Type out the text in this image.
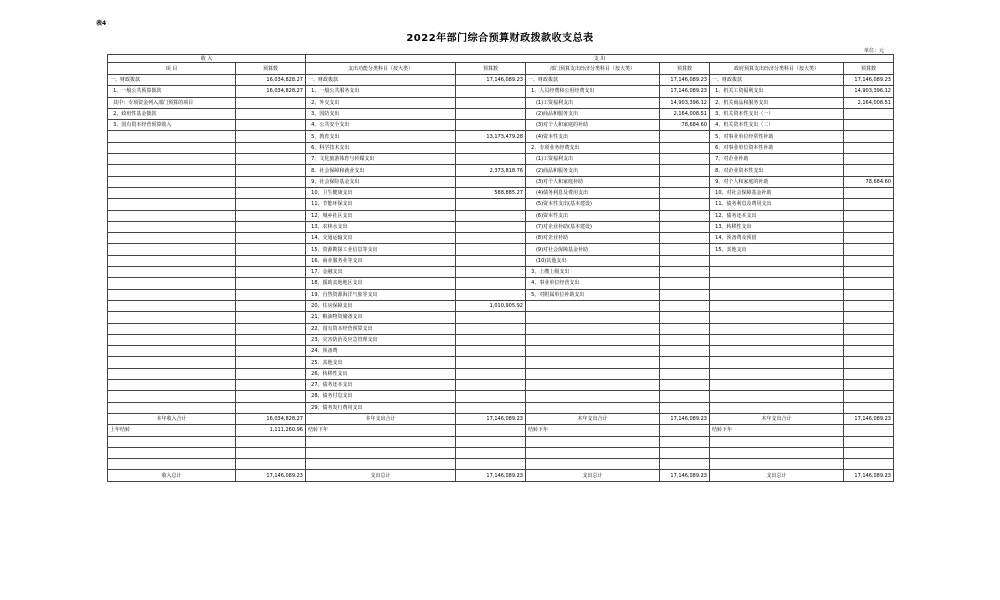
表4
2022年部门综合预算财政拨款收支总表
单位：元
收 入		支 出					
项 目	预算数	支出功能分类科目（按大类）	预算数	部门预算支出经济分类科目（按大类）	预算数	政府预算支出经济分类科目（按大类）	预算数
一、财政拨款	16,034,828.27	一、财政拨款	17,146,089.23	一、财政拨款	17,146,089.23	一、财政拨款	17,146,089.23
1、一般公共预算拨款	16,034,828.27	1、一般公共服务支出		1、人员经费和公用经费支出	17,146,089.23	1、机关工资福利支出	14,903,396.12
其中：专项资金列入部门预算的项目		2、外交支出		(1)工资福利支出	14,903,396.12	2、机关商品和服务支出	2,164,008.51
2、政府性基金拨款		3、国防支出		(2)商品和服务支出	2,164,008.51	3、机关资本性支出（一）	
3、国有资本经营预算收入		4、公共安全支出		(3)对个人和家庭的补助	78,684.60	4、机关资本性支出（二）	
		5、教育支出	13,173,479.28	(4)资本性支出		5、对事业单位经常性补助	
		6、科学技术支出		2、专项业务经费支出		6、对事业单位资本性补助	
		7、文化旅游体育与传媒支出		(1)工资福利支出		7、对企业补助	
		8、社会保障和就业支出	2,373,818.76	(2)商品和服务支出		8、对企业资本性支出	
		9、社会保险基金支出		(3)对个人和家庭补助		9、对个人和家庭的补助	78,684.60
		10、卫生健康支出	588,885.27	(4)债务利息及费用支出		10、对社会保障基金补助	
		11、节能环保支出		(5)资本性支出(基本建设)		11、债务利息及费用支出	
		12、城乡社区支出		(6)资本性支出		12、债务还本支出	
		13、农林水支出		(7)对企业补助(基本建设)		13、转移性支出	
		14、交通运输支出		(8)对企业补助		14、预备费及预留	
		15、资源勘探工业信息等支出		(9)对社会保障基金补助		15、其他支出	
		16、商业服务业等支出		(10)其他支出			
		17、金融支出		3、上缴上级支出			
		18、援助其他地区支出		4、事业单位经营支出			
		19、自然资源海洋气象等支出		5、对附属单位补助支出			
		20、住房保障支出	1,010,905.92				
		21、粮油物资储备支出					
		22、国有资本经营预算支出					
		23、灾害防治及应急管理支出					
		24、预备费					
		25、其他支出					
		26、转移性支出					
		27、债务还本支出					
		28、债务付息支出					
		29、债务发行费用支出					
本年收入合计	16,034,828.27	本年支出合计	17,146,089.23	本年支出合计	17,146,089.23	本年支出合计	17,146,089.23
上年结转	1,111,260.96	结转下年		结转下年		结转下年	

收入总计	17,146,089.23	支出总计	17,146,089.23	支出总计	17,146,089.23	支出总计	17,146,089.23
